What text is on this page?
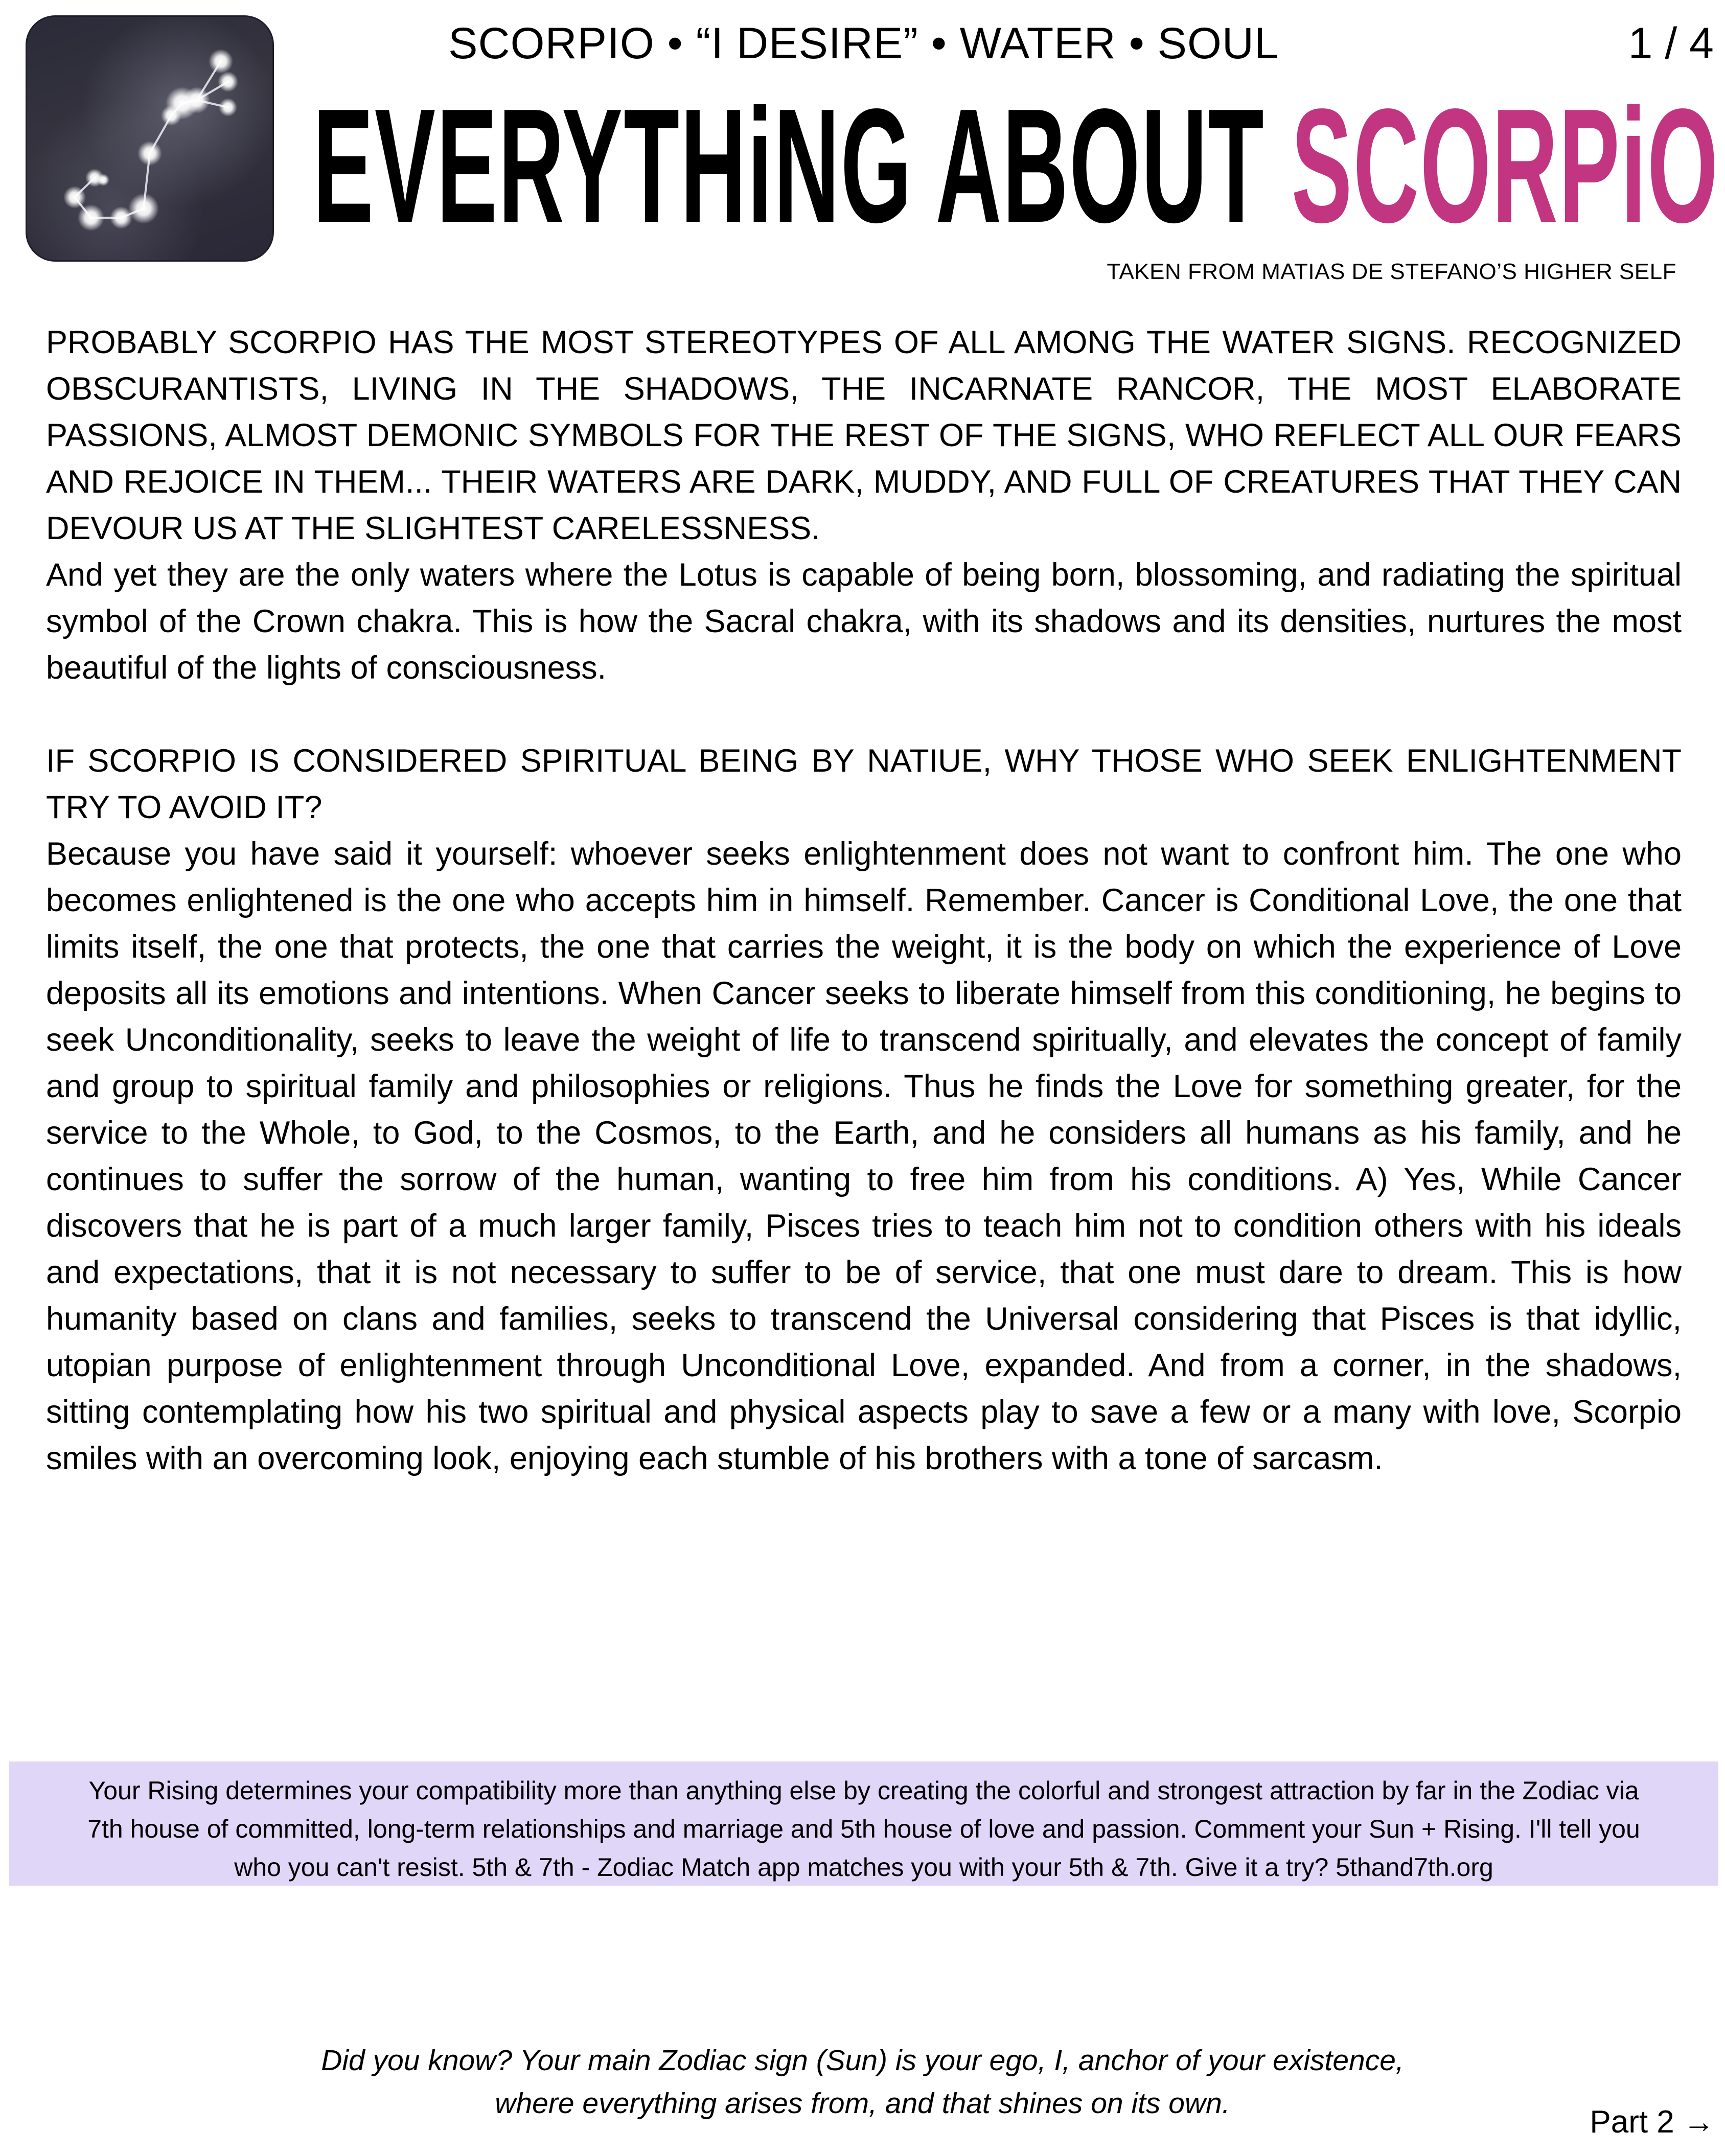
SCORPIO • “I DESIRE” • WATER • SOUL	1 / 4
EVERYTHiNG ABOUT SCORPiO
TAKEN FROM MATIAS DE STEFANO’S HIGHER SELF

PROBABLY SCORPIO HAS THE MOST STEREOTYPES OF ALL AMONG THE WATER SIGNS. RECOGNIZED OBSCURANTISTS, LIVING IN THE SHADOWS, THE INCARNATE RANCOR, THE MOST ELABORATE PASSIONS, ALMOST DEMONIC SYMBOLS FOR THE REST OF THE SIGNS, WHO REFLECT ALL OUR FEARS AND REJOICE IN THEM... THEIR WATERS ARE DARK, MUDDY, AND FULL OF CREATURES THAT THEY CAN DEVOUR US AT THE SLIGHTEST CARELESSNESS.

And yet they are the only waters where the Lotus is capable of being born, blossoming, and radiating the spiritual symbol of the Crown chakra. This is how the Sacral chakra, with its shadows and its densities, nurtures the most beautiful of the lights of consciousness.

IF SCORPIO IS CONSIDERED SPIRITUAL BEING BY NATIUE, WHY THOSE WHO SEEK ENLIGHTENMENT TRY TO AVOID IT?

Because you have said it yourself: whoever seeks enlightenment does not want to confront him. The one who becomes enlightened is the one who accepts him in himself. Remember. Cancer is Conditional Love, the one that limits itself, the one that protects, the one that carries the weight, it is the body on which the experience of Love deposits all its emotions and intentions. When Cancer seeks to liberate himself from this conditioning, he begins to seek Unconditionality, seeks to leave the weight of life to transcend spiritually, and elevates the concept of family and group to spiritual family and philosophies or religions. Thus he finds the Love for something greater, for the service to the Whole, to God, to the Cosmos, to the Earth, and he considers all humans as his family, and he continues to suffer the sorrow of the human, wanting to free him from his conditions. A) Yes, While Cancer discovers that he is part of a much larger family, Pisces tries to teach him not to condition others with his ideals and expectations, that it is not necessary to suffer to be of service, that one must dare to dream. This is how humanity based on clans and families, seeks to transcend the Universal considering that Pisces is that idyllic, utopian purpose of enlightenment through Unconditional Love, expanded. And from a corner, in the shadows, sitting contemplating how his two spiritual and physical aspects play to save a few or a many with love, Scorpio smiles with an overcoming look, enjoying each stumble of his brothers with a tone of sarcasm.

Your Rising determines your compatibility more than anything else by creating the colorful and strongest attraction by far in the Zodiac via 7th house of committed, long-term relationships and marriage and 5th house of love and passion. Comment your Sun + Rising. I'll tell you who you can't resist. 5th & 7th - Zodiac Match app matches you with your 5th & 7th. Give it a try? 5thand7th.org

Did you know? Your main Zodiac sign (Sun) is your ego, I, anchor of your existence,

where everything arises from, and that shines on its own.

Part 2 →
